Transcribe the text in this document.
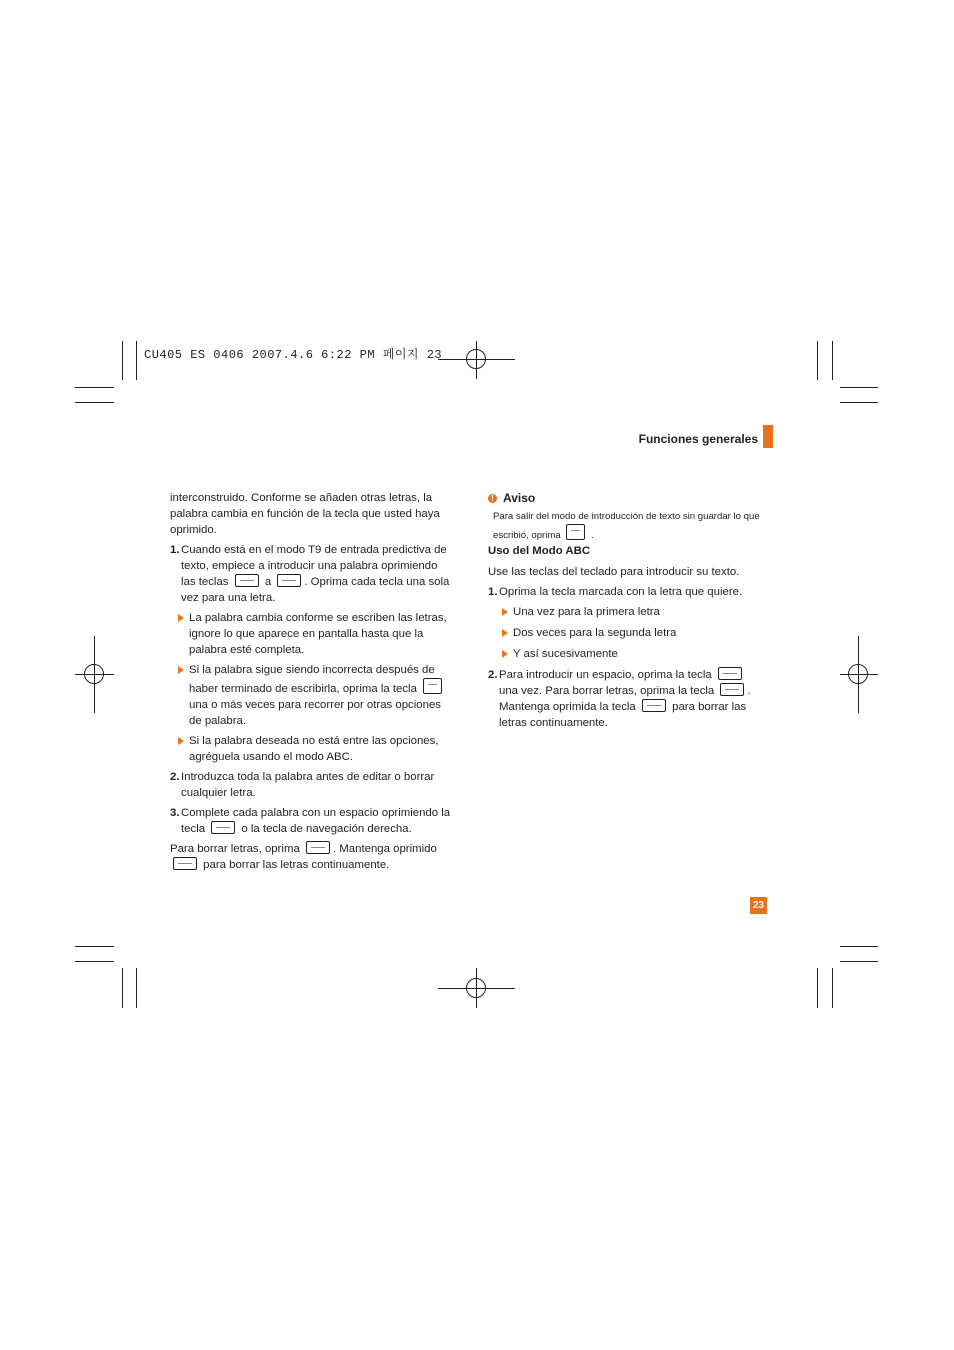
CU405 ES 0406 2007.4.6 6:22 PM 페이지 23
Funciones generales

interconstruido. Conforme se añaden otras letras, la palabra cambia en función de la tecla que usted haya oprimido.

1. Cuando está en el modo T9 de entrada predictiva de texto, empiece a introducir una palabra oprimiendo las teclas	a	. Oprima cada tecla una sola vez para una letra.
La palabra cambia conforme se escriben las letras, ignore lo que aparece en pantalla hasta que la palabra esté completa.
Si la palabra sigue siendo incorrecta después de haber terminado de escribirla, oprima la tecla  una o más veces para recorrer por otras opciones de palabra.
Si la palabra deseada no está entre las opciones, agréguela usando el modo ABC.
2. Introduzca toda la palabra antes de editar o borrar cualquier letra.
3. Complete cada palabra con un espacio oprimiendo la tecla	o la tecla de navegación derecha.

Para borrar letras, oprima	. Mantenga oprimido  para borrar las letras continuamente.

! Aviso

Para salir del modo de introducción de texto sin guardar lo que escribió, oprima	.

Uso del Modo ABC

Use las teclas del teclado para introducir su texto.

1. Oprima la tecla marcada con la letra que quiere.
Una vez para la primera letra
Dos veces para la segunda letra
Y así sucesivamente
2. Para introducir un espacio, oprima la tecla  una vez. Para borrar letras, oprima la tecla	. Mantenga oprimida la tecla	para borrar las letras continuamente.
23
